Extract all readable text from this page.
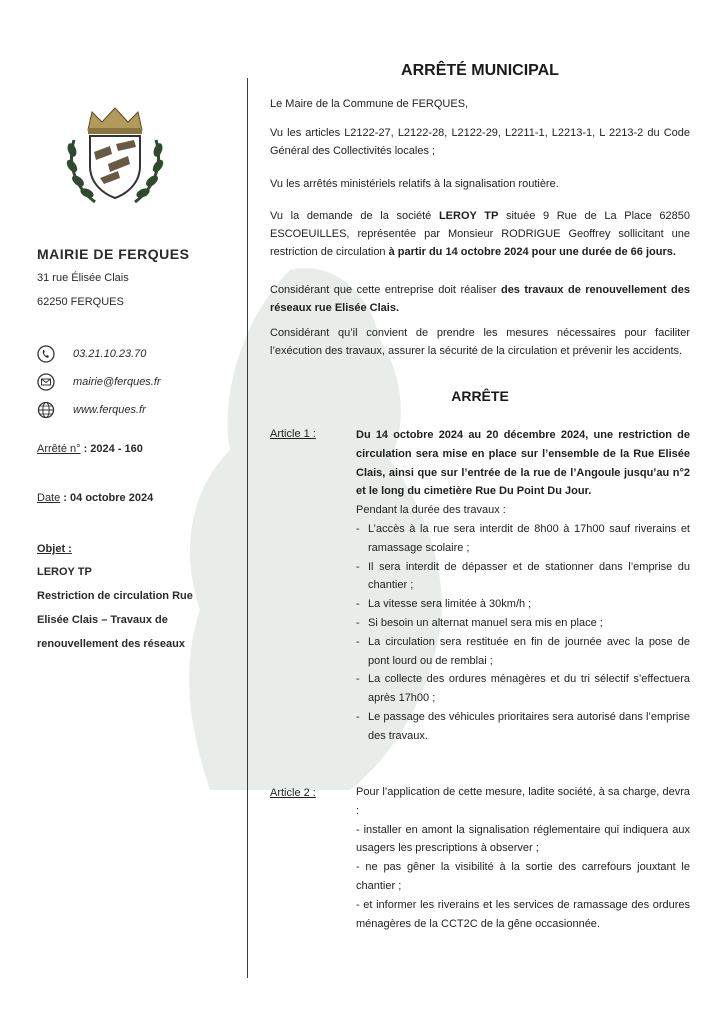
MAIRIE DE FERQUES
31 rue Élisée Clais
62250 FERQUES
03.21.10.23.70
mairie@ferques.fr
www.ferques.fr
Arrêté n° : 2024 - 160
Date : 04 octobre 2024
Objet :
LEROY TP
Restriction de circulation Rue
Elisée Clais – Travaux de
renouvellement des réseaux
ARRÊTÉ MUNICIPAL
Le Maire de la Commune de FERQUES,
Vu les articles L2122-27, L2122-28, L2122-29, L2211-1, L2213-1, L 2213-2 du Code Général des Collectivités locales ;
Vu les arrêtés ministériels relatifs à la signalisation routière.
Vu la demande de la société LEROY TP située 9 Rue de La Place 62850 ESCOEUILLES, représentée par Monsieur RODRIGUE Geoffrey sollicitant une restriction de circulation à partir du 14 octobre 2024 pour une durée de 66 jours.
Considérant que cette entreprise doit réaliser des travaux de renouvellement des réseaux rue Elisée Clais.
Considérant qu’il convient de prendre les mesures nécessaires pour faciliter l’exécution des travaux, assurer la sécurité de la circulation et prévenir les accidents.
ARRÊTE
Article 1 :	Du 14 octobre 2024 au 20 décembre 2024, une restriction de circulation sera mise en place sur l’ensemble de la Rue Elisée Clais, ainsi que sur l’entrée de la rue de l’Angoule jusqu’au n°2 et le long du cimetière Rue Du Point Du Jour.
Pendant la durée des travaux :
- L’accès à la rue sera interdit de 8h00 à 17h00 sauf riverains et ramassage scolaire ;
- Il sera interdit de dépasser et de stationner dans l’emprise du chantier ;
- La vitesse sera limitée à 30km/h ;
- Si besoin un alternat manuel sera mis en place ;
- La circulation sera restituée en fin de journée avec la pose de pont lourd ou de remblai ;
- La collecte des ordures ménagères et du tri sélectif s’effectuera après 17h00 ;
- Le passage des véhicules prioritaires sera autorisé dans l’emprise des travaux.
Article 2 :	Pour l’application de cette mesure, ladite société, à sa charge, devra :

- installer en amont la signalisation réglementaire qui indiquera aux usagers les prescriptions à observer ;

- ne pas gêner la visibilité à la sortie des carrefours jouxtant le chantier ;

- et informer les riverains et les services de ramassage des ordures ménagères de la CCT2C de la gêne occasionnée.
